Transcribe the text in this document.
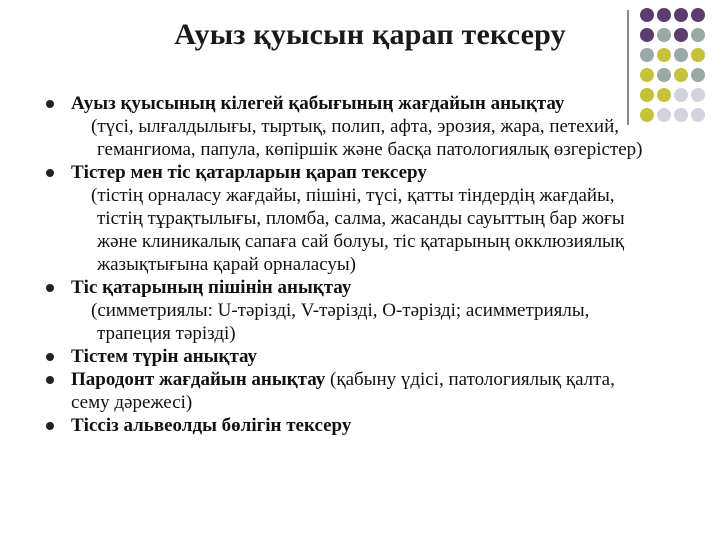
Ауыз қуысын қарап тексеру
Ауыз қуысының кілегей қабығының жағдайын анықтау
(түсі, ылғалдылығы, тыртық, полип, афта, эрозия, жара, петехий,
гемангиома, папула, көпіршік және басқа патологиялық өзгерістер)
Тістер мен тіс қатарларын қарап тексеру
(тістің орналасу жағдайы, пішіні, түсі, қатты тіндердің жағдайы,
тістің тұрақтылығы, пломба, салма, жасанды сауыттың бар жоғы
және клиникалық сапаға сай болуы, тіс қатарының окклюзиялық
жазықтығына қарай орналасуы)
Тіс қатарының пішінін анықтау
(симметриялы: U-тәрізді, V-тәрізді, О-тәрізді; асимметриялы,
трапеция тәрізді)
Тістем түрін анықтау
Пародонт жағдайын анықтау (қабыну үдісі, патологиялық қалта,
сему дәрежесі)
Тіссіз альвеолды бөлігін тексеру
